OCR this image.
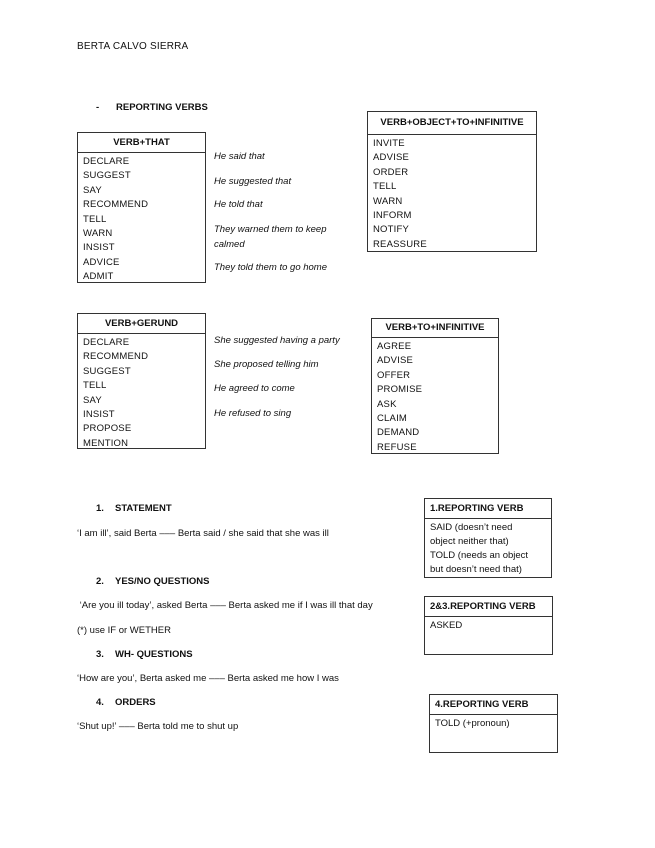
BERTA CALVO SIERRA
- REPORTING VERBS
VERB+THAT
DECLARE
SUGGEST
SAY
RECOMMEND
TELL
WARN
INSIST
ADVICE
ADMIT
He said that
He suggested that
He told that
They warned them to keep calmed
They told them to go home
VERB+OBJECT+TO+INFINITIVE
INVITE
ADVISE
ORDER
TELL
WARN
INFORM
NOTIFY
REASSURE
VERB+GERUND
DECLARE
RECOMMEND
SUGGEST
TELL
SAY
INSIST
PROPOSE
MENTION
She suggested having a party
She proposed telling him
He agreed to come
He refused to sing
VERB+TO+INFINITIVE
AGREE
ADVISE
OFFER
PROMISE
ASK
CLAIM
DEMAND
REFUSE
1. STATEMENT
‘I am ill’, said Berta ––– Berta said / she said that she was ill
2. YES/NO QUESTIONS
‘Are you ill today’, asked Berta ––– Berta asked me if I was ill that day
(*) use IF or WETHER
3. WH- QUESTIONS
‘How are you’, Berta asked me ––– Berta asked me how I was
4. ORDERS
‘Shut up!’ ––– Berta told me to shut up
1.REPORTING VERB
SAID (doesn’t need
object neither that)
TOLD (needs an object
but doesn’t need that)
2&3.REPORTING VERB
ASKED
4.REPORTING VERB
TOLD (+pronoun)
